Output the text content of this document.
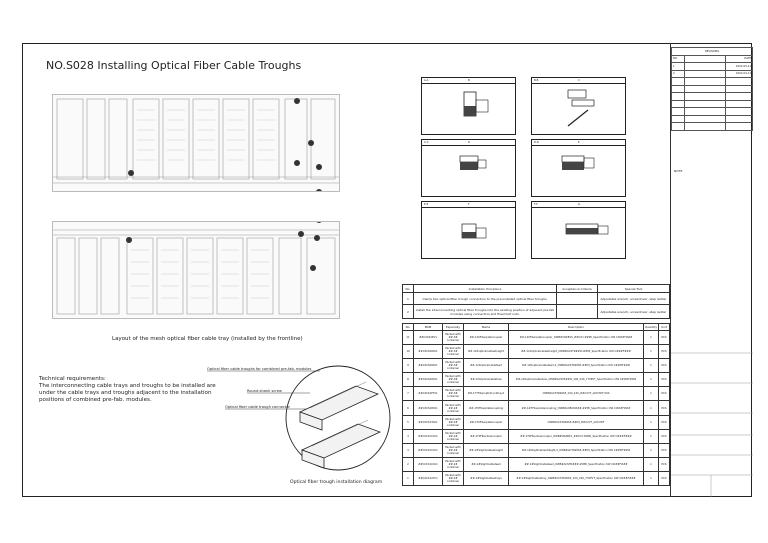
NO.S028 Installing Optical Fiber Cable Troughs
Layout of the mesh optical fiber cable tray (installed by the frontline)
Technical requirements:
The interconnecting cable trays and troughs to be installed are under the cable trays and troughs adjacent to the installation positions of combined pre-fab. modules.
Optical fiber cable troughs for combined pre-fab. modules
Round-shank screw
Optical fiber cable trough connector
Optical fiber trough installation diagram
A-A	B	B-B	C
C-C	D	D-D	E
E-E	F	F-F	G
No.	Installation Procedure	Acceptance Criteria	Special Tool
1	Clamp two optical fiber trough connectors to the pre-installed optical fiber troughs.		Adjustable wrench, screwdriver, step ladder
2	Install the interconnecting optical fiber troughs into the existing position of adjacent pre-fab modules using connectors and fixed bolt nuts.		Adjustable wrench, screwdriver, step ladder
No.	BOM	Especially	Name	Description	Quantity	Unit
11	##CXCS2PV1	Packed with ##-3# container	##-120Fiberplatecoupler	##-120Fiberplatecoupler_OWB#CRZB15_##CO=##MI_Specification OW C###F###	1	PCS
10	##CXCS2PAV1	Packed with ##-3# container	##-120opticalcablestraight	##-120opticalcablestraight_OWB#ACSTR###-##MI_Specification OW C###F###	1	PCS
9	##CXCS2PAV1	Packed with ##-3# container	##-120opticalcableteed	##-120opticalcableteed-2_OWB#ACSTR###-##MI_Specification OW C###F###	1	PCS
8	##CXCS2PAV1	Packed with ##-3# container	##-120opticalcablebow	##-120opticalcablebow_OWB#ACSTR###_100_240_770PVT_Specification OW C###F###	1	PCS
7	##CXCS2PTV1	Packed with ##-3# container	##-1T7Fiberoptictrunktray1	OWB#ACSTR###_100_240_##CXVT_A00 PDF 000	1	PCS
6	##CXCS1PAV1	Packed with ##-2# container	##-1T0Fiberplatecoupling	##-1#7Fiberplatecoupling_OWB#ACBCR###-##MI_Specification OW C###F###	1	PCS
5	##CXCS1TAV1	Packed with ##-2# container	##-1T0Fiberplatecoupler	OWB#ACSTR###-##MI_##CXVT_A00 PDF	1	PCS
4	##CXCS1CAV1	Packed with ##-2# container	##-1T0Fiberbowcoupler	##-1T0Fiberbowcoupler_OWB#CRZB15_##CO=##MI_Specification OW C###F###	1	PCS
3	##CXCS1CAV1	Packed with ##-2# container	##-1#Slightcablestraight	##-1#Slightcablestraight-2_OWB#ACTR###-##MI_Specification OW C###F###	1	PCS
2	##CXCS1CAV1	Packed with ##-2# container	##-1#Slightcableteed	##-1#Slightcableteed_OWB#ACSTR###-##MI_Specification OW C###F###	1	PCS
1	##CXCS1ATV1	Packed with ##-2# container	##-1#Slightcablestrays	##-1#Slightcablestray_OWB#ACSTR###_100_240_770PVT_Specification OW C###F###	1	PCS
REVISIONS		
NO.		DATE
1		2022-03-11
2		2022-04-11

NOTE
